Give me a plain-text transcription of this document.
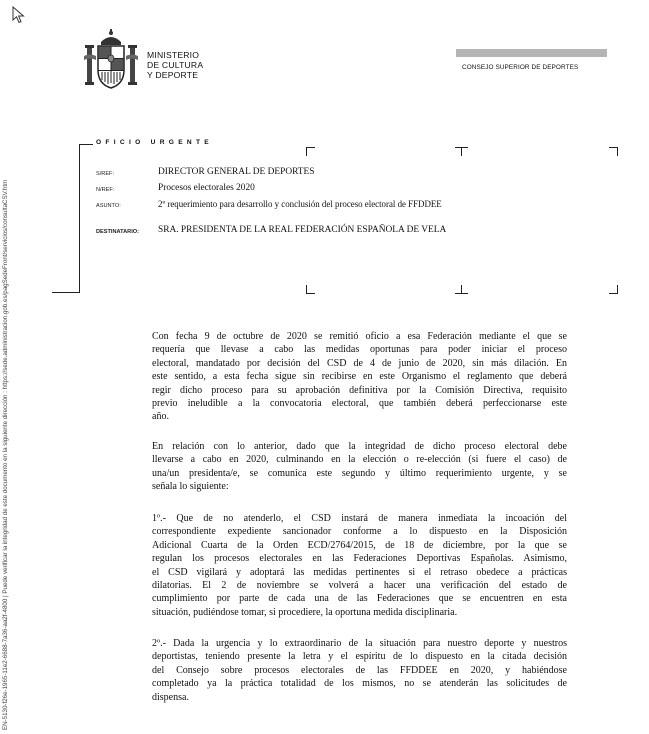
EN-5130-f26e-1965-11e2-6688-7a36-aa2f-4800 | Puede verificar la integridad de este documento en la siguiente dirección : https://sede.administracion.gob.es/pagSedeFront/servicios/consultaCSV.htm
MINISTERIO
DE CULTURA
Y DEPORTE
CONSEJO SUPERIOR DE DEPORTES
OFICIO URGENTE
S/REF:	DIRECTOR GENERAL DE DEPORTES
N/REF:	Procesos electorales 2020
ASUNTO:	2º requerimiento para desarrollo y conclusión del proceso electoral de FFDDEE
DESTINATARIO: SRA. PRESIDENTA DE LA REAL FEDERACIÓN ESPAÑOLA DE VELA
Con fecha 9 de octubre de 2020 se remitió oficio a esa Federación mediante el que se
requería que llevase a cabo las medidas oportunas para poder iniciar el proceso
electoral, mandatado por decisión del CSD de 4 de junio de 2020, sin más dilación. En
este sentido, a esta fecha sigue sin recibirse en este Organismo el reglamento que deberá
regir dicho proceso para su aprobación definitiva por la Comisión Directiva, requisito
previo ineludible a la convocatoria electoral, que también deberá perfeccionarse este
año.
En relación con lo anterior, dado que la integridad de dicho proceso electoral debe
llevarse a cabo en 2020, culminando en la elección o re-elección (si fuere el caso) de
una/un presidenta/e, se comunica este segundo y último requerimiento urgente, y se
señala lo siguiente:
1º.- Que de no atenderlo, el CSD instará de manera inmediata la incoación del
correspondiente expediente sancionador conforme a lo dispuesto en la Disposición
Adicional Cuarta de la Orden ECD/2764/2015, de 18 de diciembre, por la que se
regulan los procesos electorales en las Federaciones Deportivas Españolas. Asimismo,
el CSD vigilará y adoptará las medidas pertinentes si el retraso obedece a prácticas
dilatorias. El 2 de noviembre se volverá a hacer una verificación del estado de
cumplimiento por parte de cada una de las Federaciones que se encuentren en esta
situación, pudiéndose tomar, si procediere, la oportuna medida disciplinaria.
2º.- Dada la urgencia y lo extraordinario de la situación para nuestro deporte y nuestros
deportistas, teniendo presente la letra y el espíritu de lo dispuesto en la citada decisión
del Consejo sobre procesos electorales de las FFDDEE en 2020, y habiéndose
completado ya la práctica totalidad de los mismos, no se atenderán las solicitudes de
dispensa.
